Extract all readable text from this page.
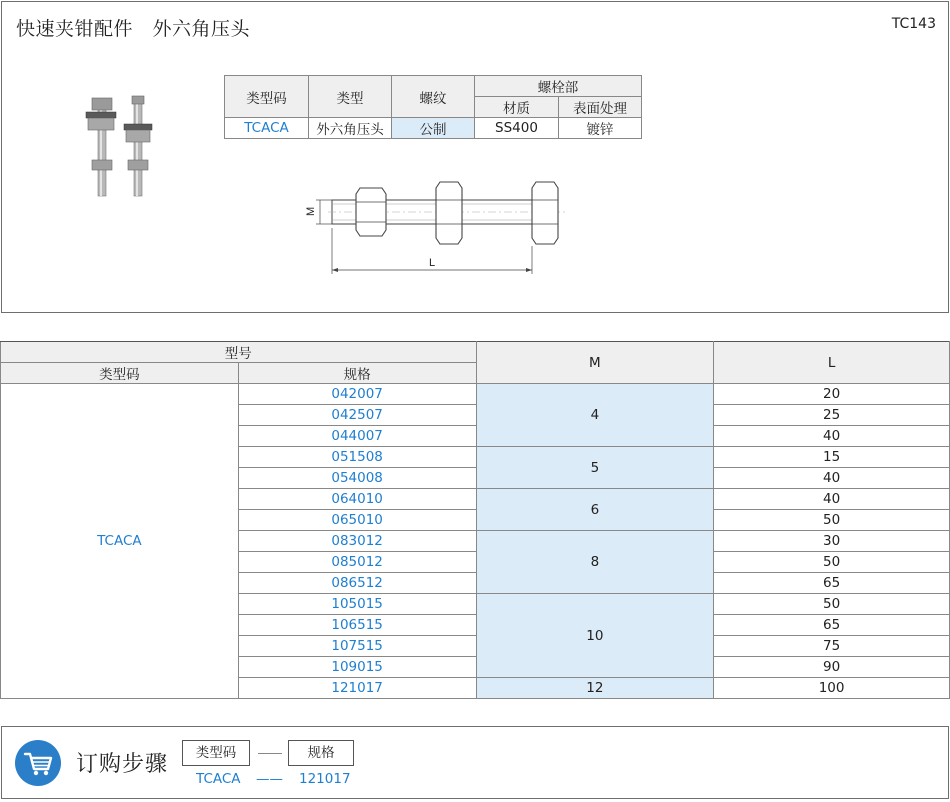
快速夹钳配件　外六角压头	TC143
类型码	类型	螺纹	螺栓部	
			材质	表面处理
TCACA	外六角压头	公制	SS400	镀锌
M
L
型号		M	L
类型码	规格		
TCACA	042007	4	20
	042507		25
	044007		40
	051508	5	15
	054008		40
	064010	6	40
	065010		50
	083012	8	30
	085012		50
	086512		65
	105015	10	50
	106515		65
	107515		75
	109015		90
	121017	12	100
订购步骤	类型码	规格
TCACA —— 121017
